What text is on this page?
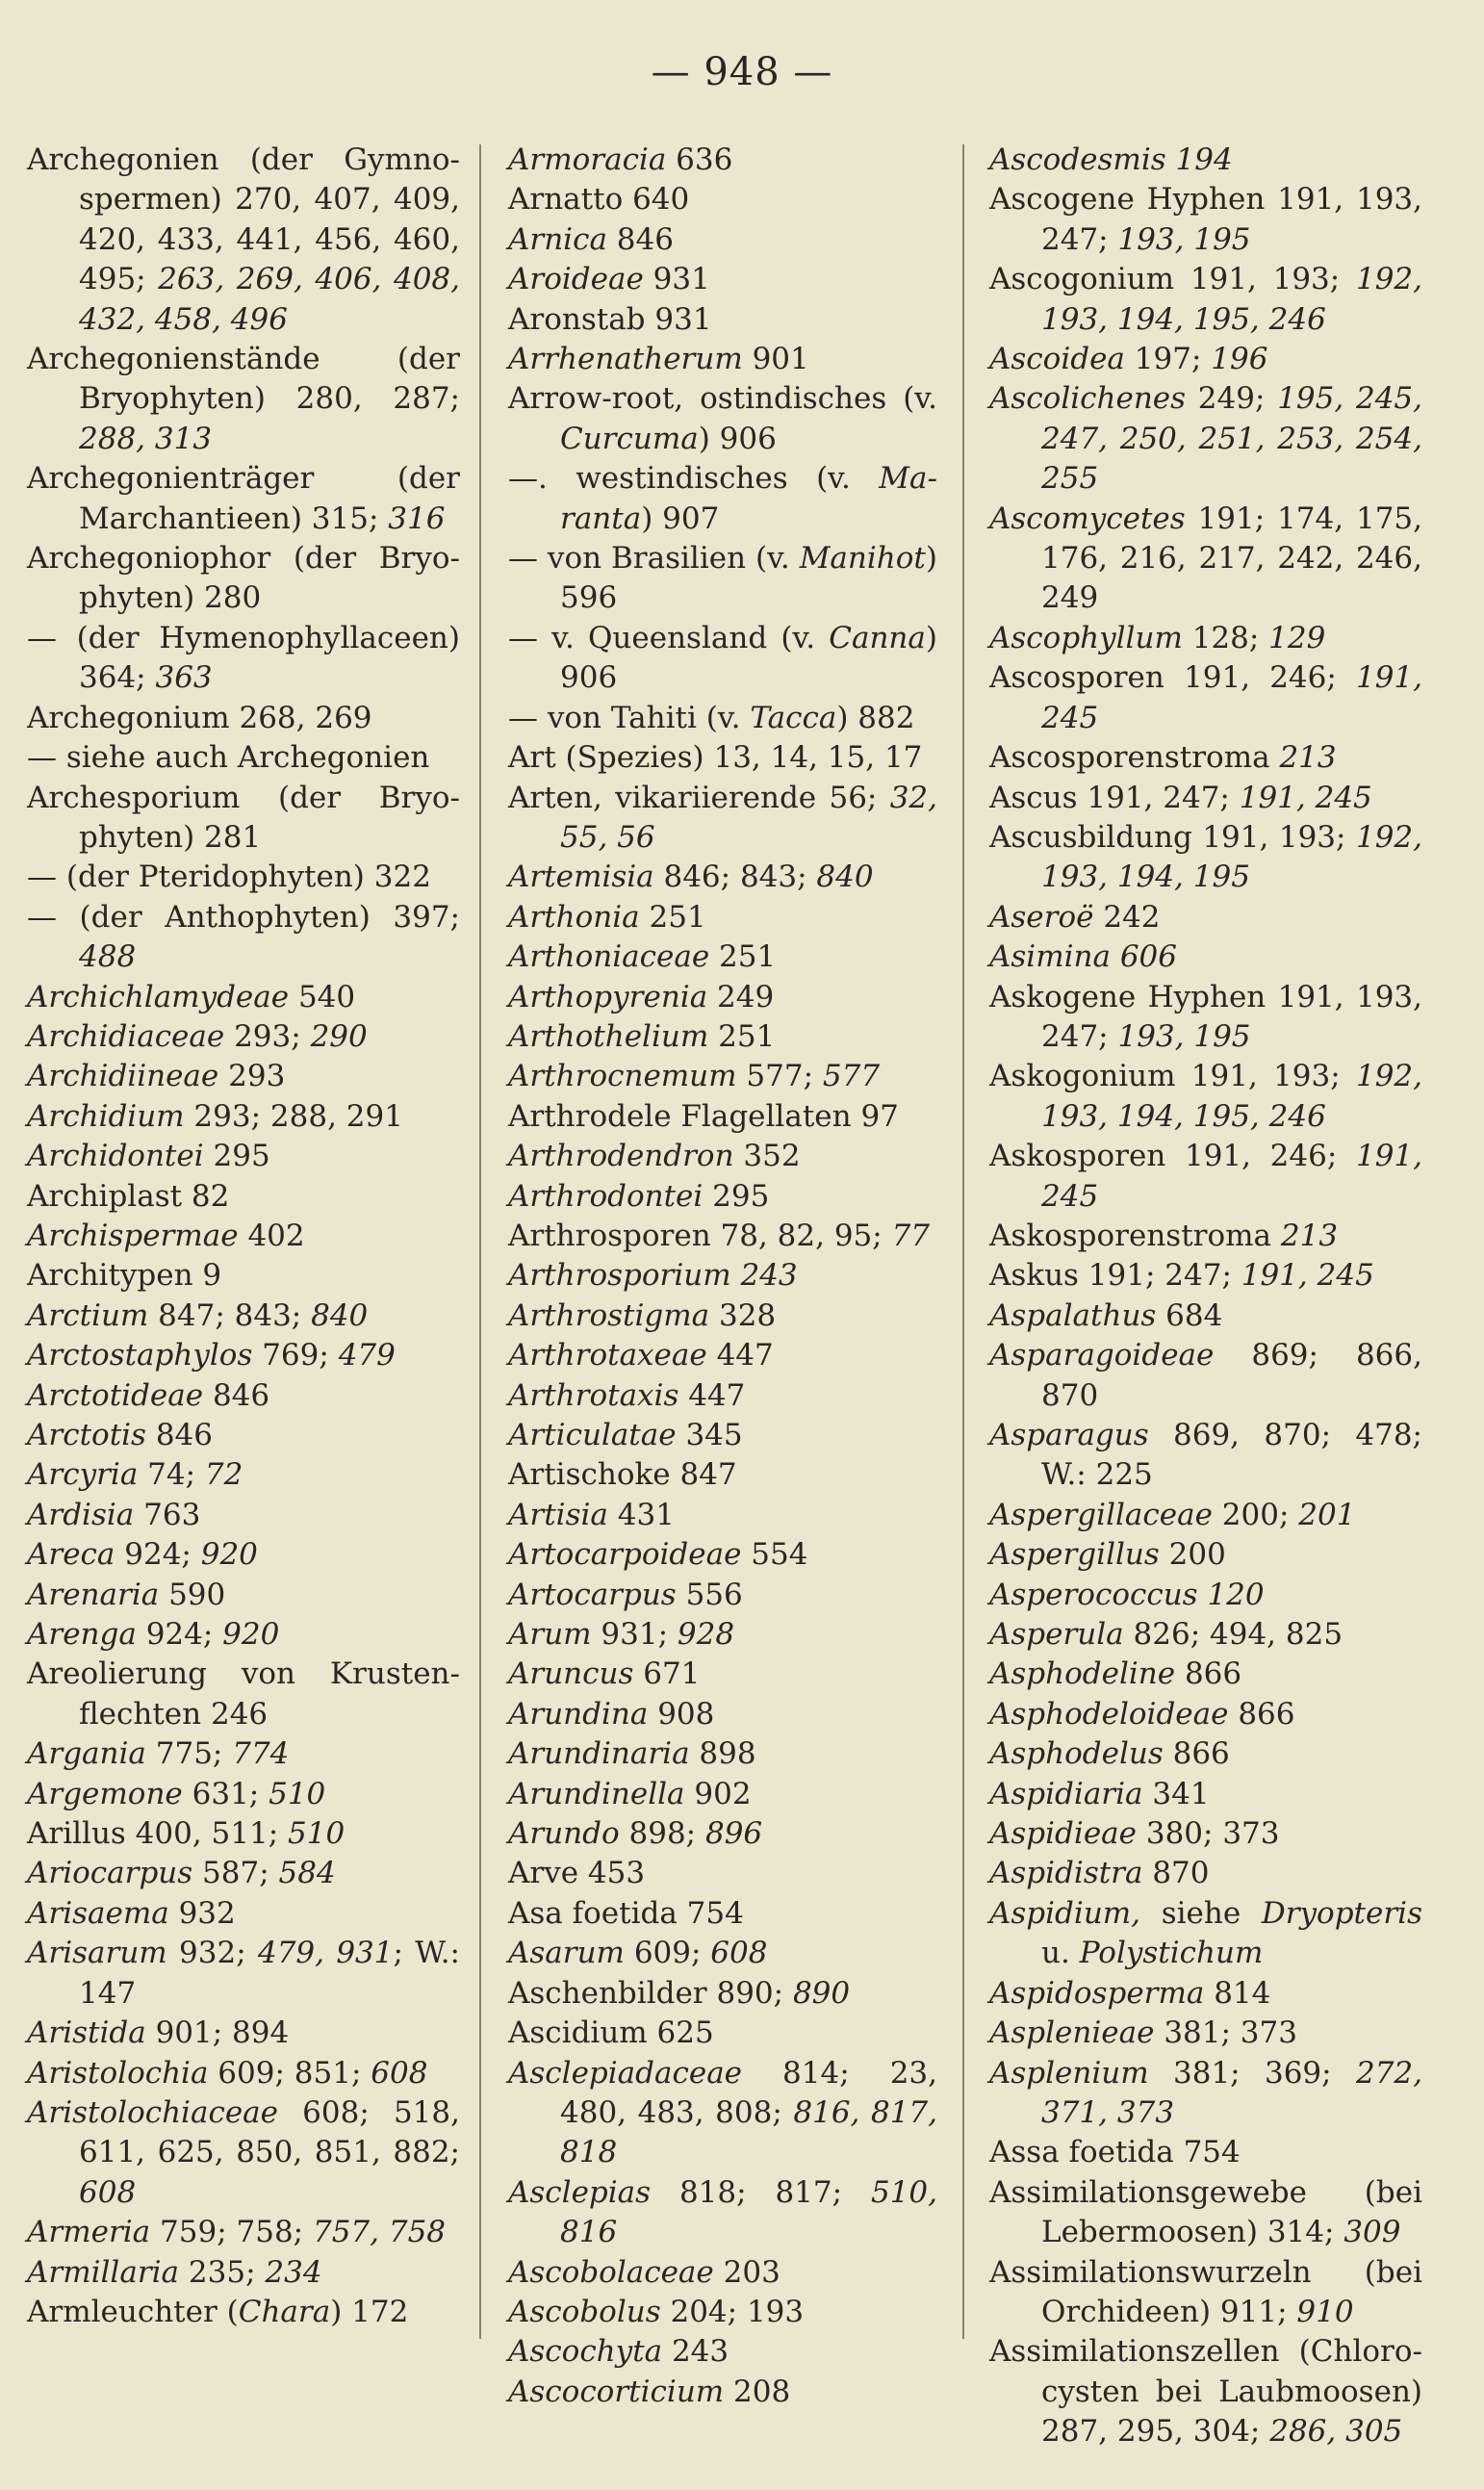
— 948 —

Archegonien (der Gymnospermen) 270, 407, 409, 420, 433, 441, 456, 460, 495; 263, 269, 406, 408, 432, 458, 496

Archegonienstände (der Bryophyten) 280, 287; 288, 313

Archegonienträger (der Marchantieen) 315; 316

Archegoniophor (der Bryophyten) 280

— (der Hymenophyllaceen) 364; 363

Archegonium 268, 269

— siehe auch Archegonien

Archesporium (der Bryophyten) 281

— (der Pteridophyten) 322

— (der Anthophyten) 397; 488

Archichlamydeae 540

Archidiaceae 293; 290

Archidiineae 293

Archidium 293; 288, 291

Archidontei 295

Archiplast 82

Archispermae 402

Architypen 9

Arctium 847; 843; 840

Arctostaphylos 769; 479

Arctotideae 846

Arctotis 846

Arcyria 74; 72

Ardisia 763

Areca 924; 920

Arenaria 590

Arenga 924; 920

Areolierung von Krustenflechten 246

Argania 775; 774

Argemone 631; 510

Arillus 400, 511; 510

Ariocarpus 587; 584

Arisaema 932

Arisarum 932; 479, 931; W.: 147

Aristida 901; 894

Aristolochia 609; 851; 608

Aristolochiaceae 608; 518, 611, 625, 850, 851, 882; 608

Armeria 759; 758; 757, 758

Armillaria 235; 234

Armleuchter (Chara) 172

Armoracia 636

Arnatto 640

Arnica 846

Aroideae 931

Aronstab 931

Arrhenatherum 901

Arrow-root, ostindisches (v. Curcuma) 906

—. westindisches (v. Maranta) 907

— von Brasilien (v. Manihot) 596

— v. Queensland (v. Canna) 906

— von Tahiti (v. Tacca) 882

Art (Spezies) 13, 14, 15, 17

Arten, vikariierende 56; 32, 55, 56

Artemisia 846; 843; 840

Arthonia 251

Arthoniaceae 251

Arthopyrenia 249

Arthothelium 251

Arthrocnemum 577; 577

Arthrodele Flagellaten 97

Arthrodendron 352

Arthrodontei 295

Arthrosporen 78, 82, 95; 77

Arthrosporium 243

Arthrostigma 328

Arthrotaxeae 447

Arthrotaxis 447

Articulatae 345

Artischoke 847

Artisia 431

Artocarpoideae 554

Artocarpus 556

Arum 931; 928

Aruncus 671

Arundina 908

Arundinaria 898

Arundinella 902

Arundo 898; 896

Arve 453

Asa foetida 754

Asarum 609; 608

Aschenbilder 890; 890

Ascidium 625

Asclepiadaceae 814; 23, 480, 483, 808; 816, 817, 818

Asclepias 818; 817; 510, 816

Ascobolaceae 203

Ascobolus 204; 193

Ascochyta 243

Ascocorticium 208

Ascodesmis 194

Ascogene Hyphen 191, 193, 247; 193, 195

Ascogonium 191, 193; 192, 193, 194, 195, 246

Ascoidea 197; 196

Ascolichenes 249; 195, 245, 247, 250, 251, 253, 254, 255

Ascomycetes 191; 174, 175, 176, 216, 217, 242, 246, 249

Ascophyllum 128; 129

Ascosporen 191, 246; 191, 245

Ascosporenstroma 213

Ascus 191, 247; 191, 245

Ascusbildung 191, 193; 192, 193, 194, 195

Aseroë 242

Asimina 606

Askogene Hyphen 191, 193, 247; 193, 195

Askogonium 191, 193; 192, 193, 194, 195, 246

Askosporen 191, 246; 191, 245

Askosporenstroma 213

Askus 191; 247; 191, 245

Aspalathus 684

Asparagoideae 869; 866, 870

Asparagus 869, 870; 478; W.: 225

Aspergillaceae 200; 201

Aspergillus 200

Asperococcus 120

Asperula 826; 494, 825

Asphodeline 866

Asphodeloideae 866

Asphodelus 866

Aspidiaria 341

Aspidieae 380; 373

Aspidistra 870

Aspidium, siehe Dryopteris u. Polystichum

Aspidosperma 814

Asplenieae 381; 373

Asplenium 381; 369; 272, 371, 373

Assa foetida 754

Assimilationsgewebe (bei Lebermoosen) 314; 309

Assimilationswurzeln (bei Orchideen) 911; 910

Assimilationszellen (Chlorocysten bei Laubmoosen) 287, 295, 304; 286, 305
